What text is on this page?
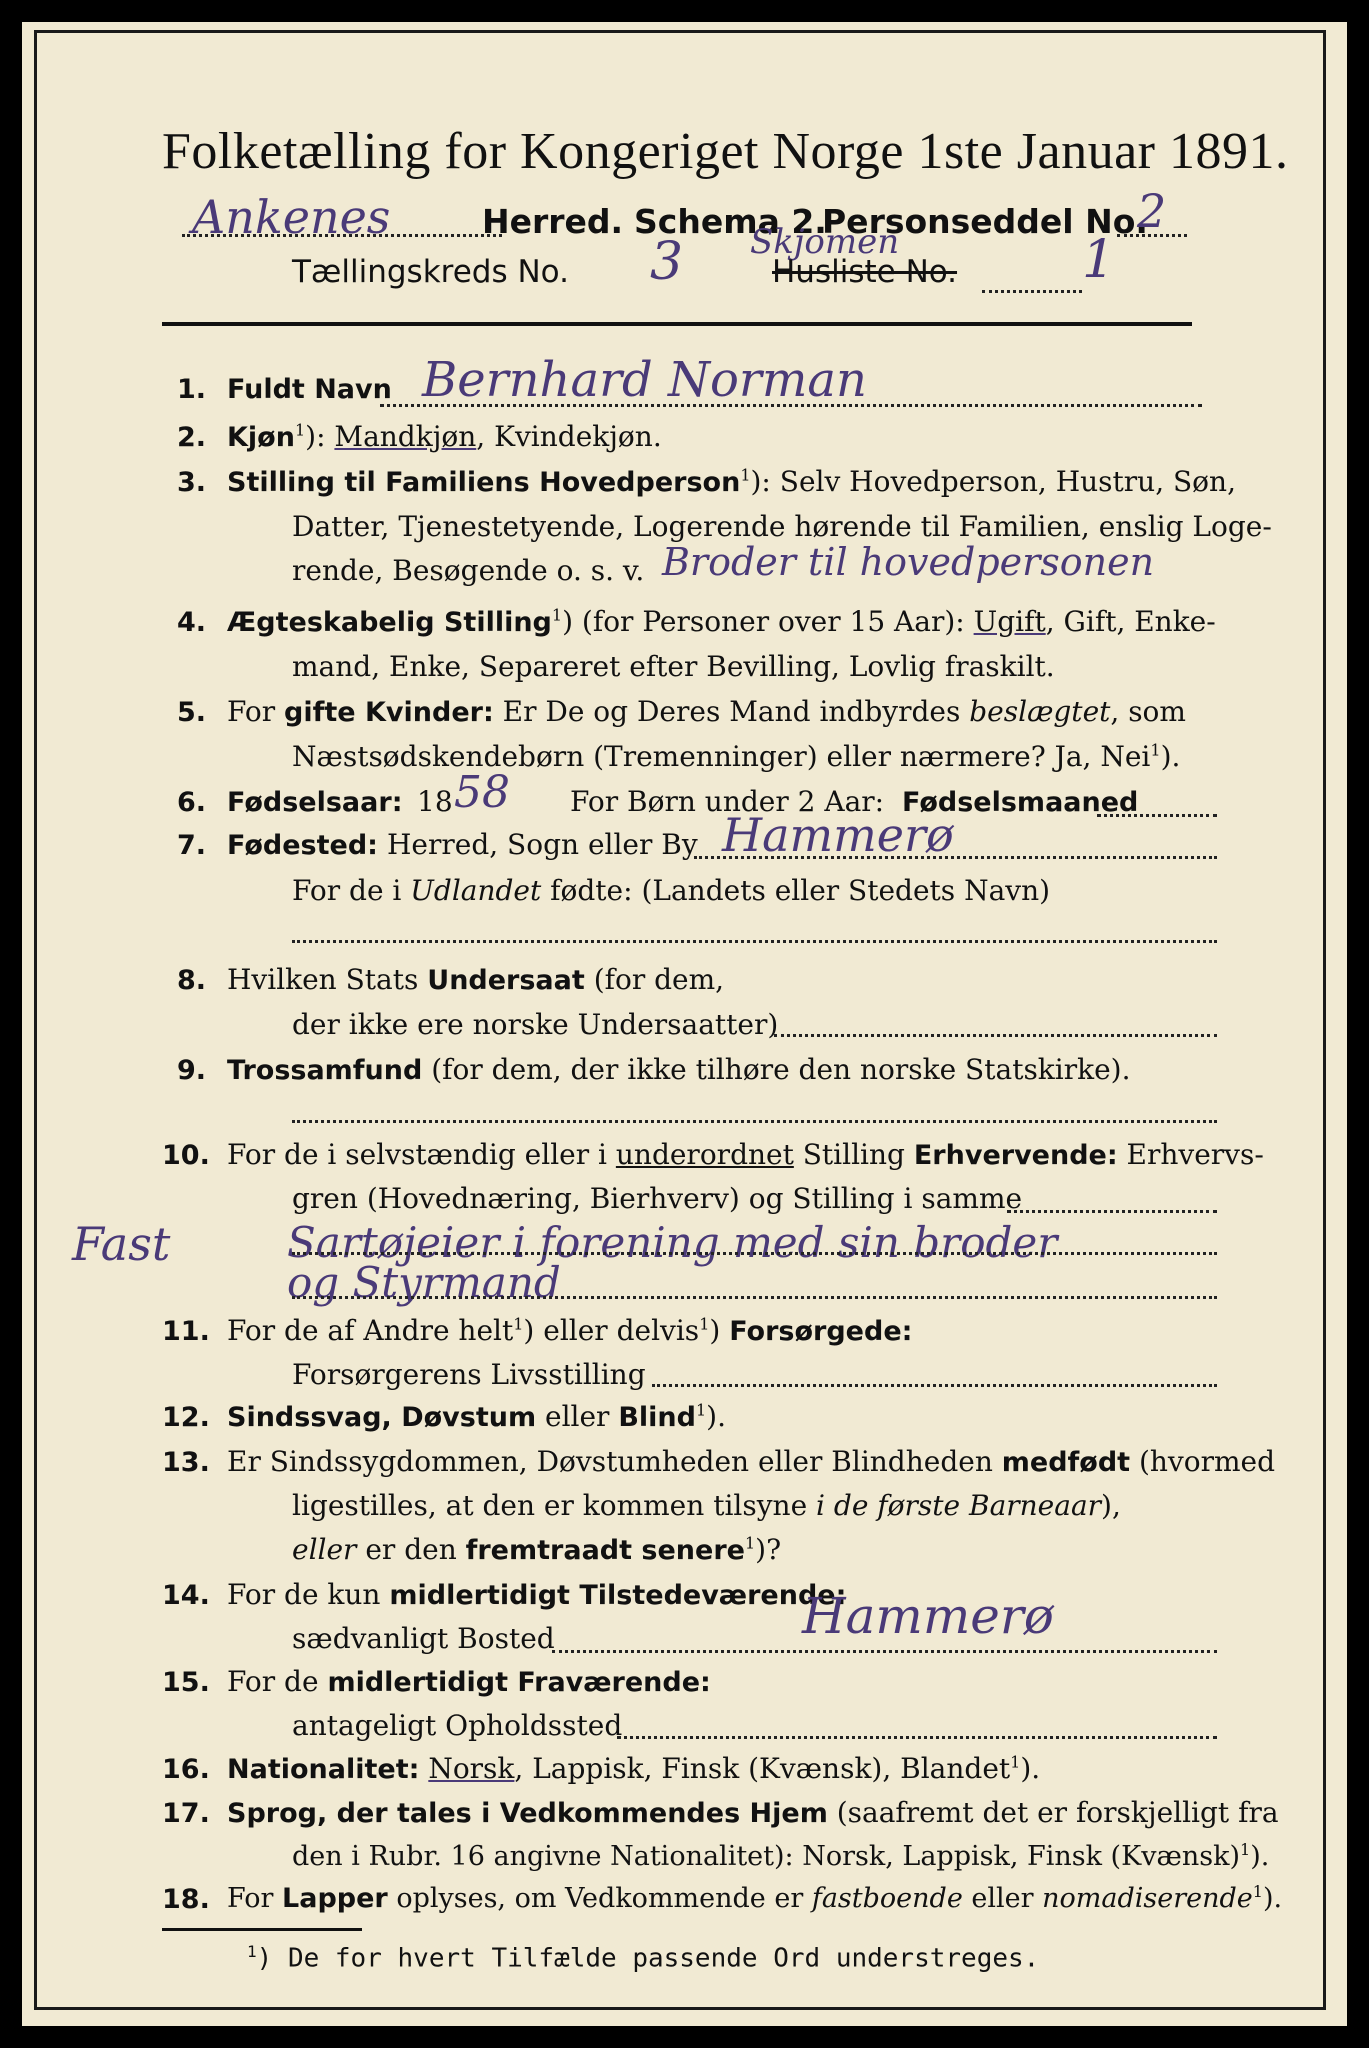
Folketælling for Kongeriget Norge 1ste Januar 1891.
Ankenes	Herred. Schema 2.
Personseddel No.
2
Tællingskreds No. 3 Skjomen
Husliste No. 1
1. Fuldt Navn Bernhard Norman
2. Kjøn$^1$): Mandkjøn, Kvindekjøn.
3. Stilling til Familiens Hovedperson$^1$): Selv Hovedperson, Hustru, Søn,
Datter, Tjenestetyende, Logerende hørende til Familien, enslig Loge-
rende, Besøgende o. s. v. Broder til hovedpersonen
4. Ægteskabelig Stilling$^1$) (for Personer over 15 Aar): Ugift, Gift, Enke-
mand, Enke, Separeret efter Bevilling, Lovlig fraskilt.
5. For gifte Kvinder: Er De og Deres Mand indbyrdes beslægtet, som
Næstsødskendebørn (Tremenninger) eller nærmere? Ja, Nei$^1$).
6. Fødselsaar: 18 58 For Børn under 2 Aar: Fødselsmaaned
7. Fødested: Herred, Sogn eller By Hammerø
For de i Udlandet fødte: (Landets eller Stedets Navn)
8. Hvilken Stats Undersaat (for dem,
der ikke ere norske Undersaatter)
9. Trossamfund (for dem, der ikke tilhøre den norske Statskirke).
10. For de i selvstændig eller i underordnet Stilling Erhvervende: Erhvervs-
gren (Hovednæring, Bierhverv) og Stilling i samme
Fast	Sartøjeier i forening med sin broder
og Styrmand
11. For de af Andre helt$^1$) eller delvis$^1$) Forsørgede:
Forsørgerens Livsstilling
12. Sindssvag, Døvstum eller Blind$^1$).
13. Er Sindssygdommen, Døvstumheden eller Blindheden medfødt (hvormed
ligestilles, at den er kommen tilsyne i de første Barneaar),
eller er den fremtraadt senere$^1$)?
14. For de kun midlertidigt Tilstedeværende:
sædvanligt Bosted	Hammerø
15. For de midlertidigt Fraværende:
antageligt Opholdssted
16. Nationalitet: Norsk, Lappisk, Finsk (Kvænsk), Blandet$^1$).
17. Sprog, der tales i Vedkommendes Hjem (saafremt det er forskjelligt fra
den i Rubr. 16 angivne Nationalitet): Norsk, Lappisk, Finsk (Kvænsk)$^1$).
18. For Lapper oplyses, om Vedkommende er fastboende eller nomadiserende$^1$).
$^1$) De for hvert Tilfælde passende Ord understreges.
